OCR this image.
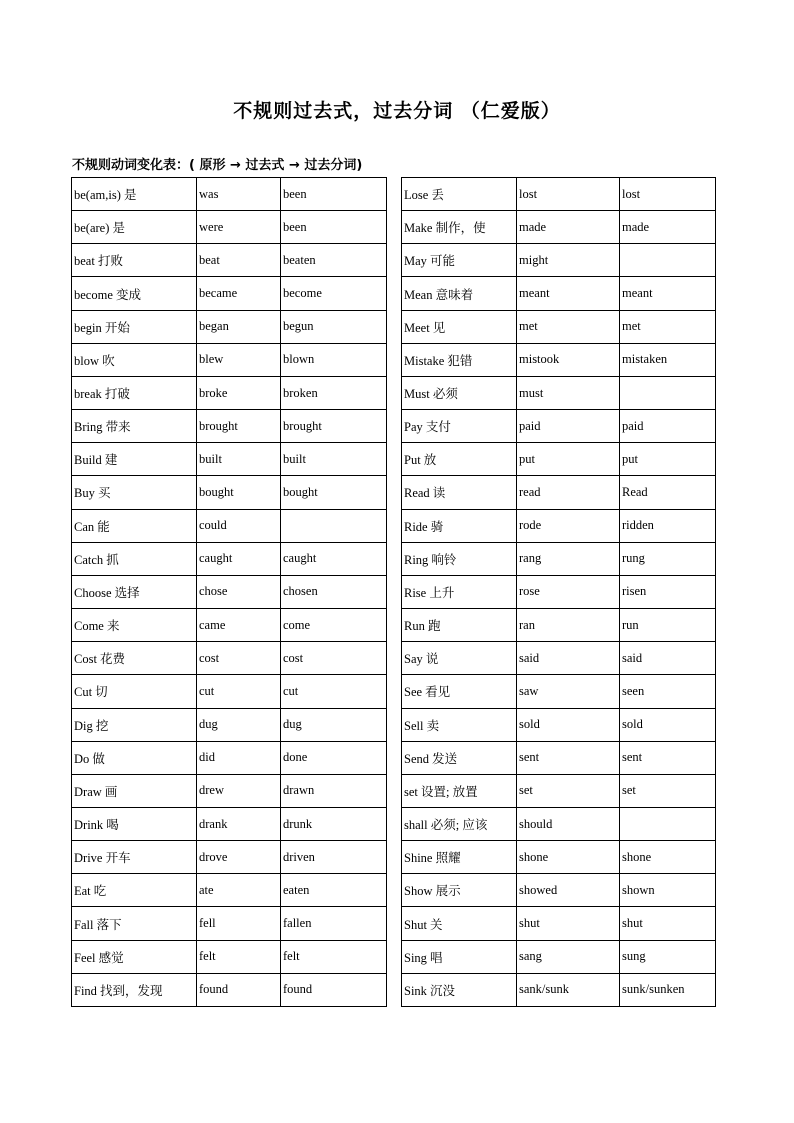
不规则过去式，过去分词 （仁爱版）
不规则动词变化表：( 原形 → 过去式 → 过去分词)
be(am,is) 是	was	been		Lose 丢	lost	lost
be(are) 是	were	been		Make 制作，使	made	made
beat 打败	beat	beaten		May 可能	might	
become 变成	became	become		Mean 意味着	meant	meant
begin 开始	began	begun		Meet 见	met	met
blow 吹	blew	blown		Mistake 犯错	mistook	mistaken
break 打破	broke	broken		Must 必须	must	
Bring 带来	brought	brought		Pay 支付	paid	paid
Build 建	built	built		Put 放	put	put
Buy 买	bought	bought		Read 读	read	Read
Can 能	could			Ride 骑	rode	ridden
Catch 抓	caught	caught		Ring 响铃	rang	rung
Choose 选择	chose	chosen		Rise 上升	rose	risen
Come 来	came	come		Run 跑	ran	run
Cost 花费	cost	cost		Say 说	said	said
Cut 切	cut	cut		See 看见	saw	seen
Dig 挖	dug	dug		Sell 卖	sold	sold
Do 做	did	done		Send 发送	sent	sent
Draw 画	drew	drawn		set 设置; 放置	set	set
Drink 喝	drank	drunk		shall 必须; 应该	should	
Drive 开车	drove	driven		Shine 照耀	shone	shone
Eat 吃	ate	eaten		Show 展示	showed	shown
Fall 落下	fell	fallen		Shut 关	shut	shut
Feel 感觉	felt	felt		Sing 唱	sang	sung
Find 找到，发现	found	found		Sink 沉没	sank/sunk	sunk/sunken
